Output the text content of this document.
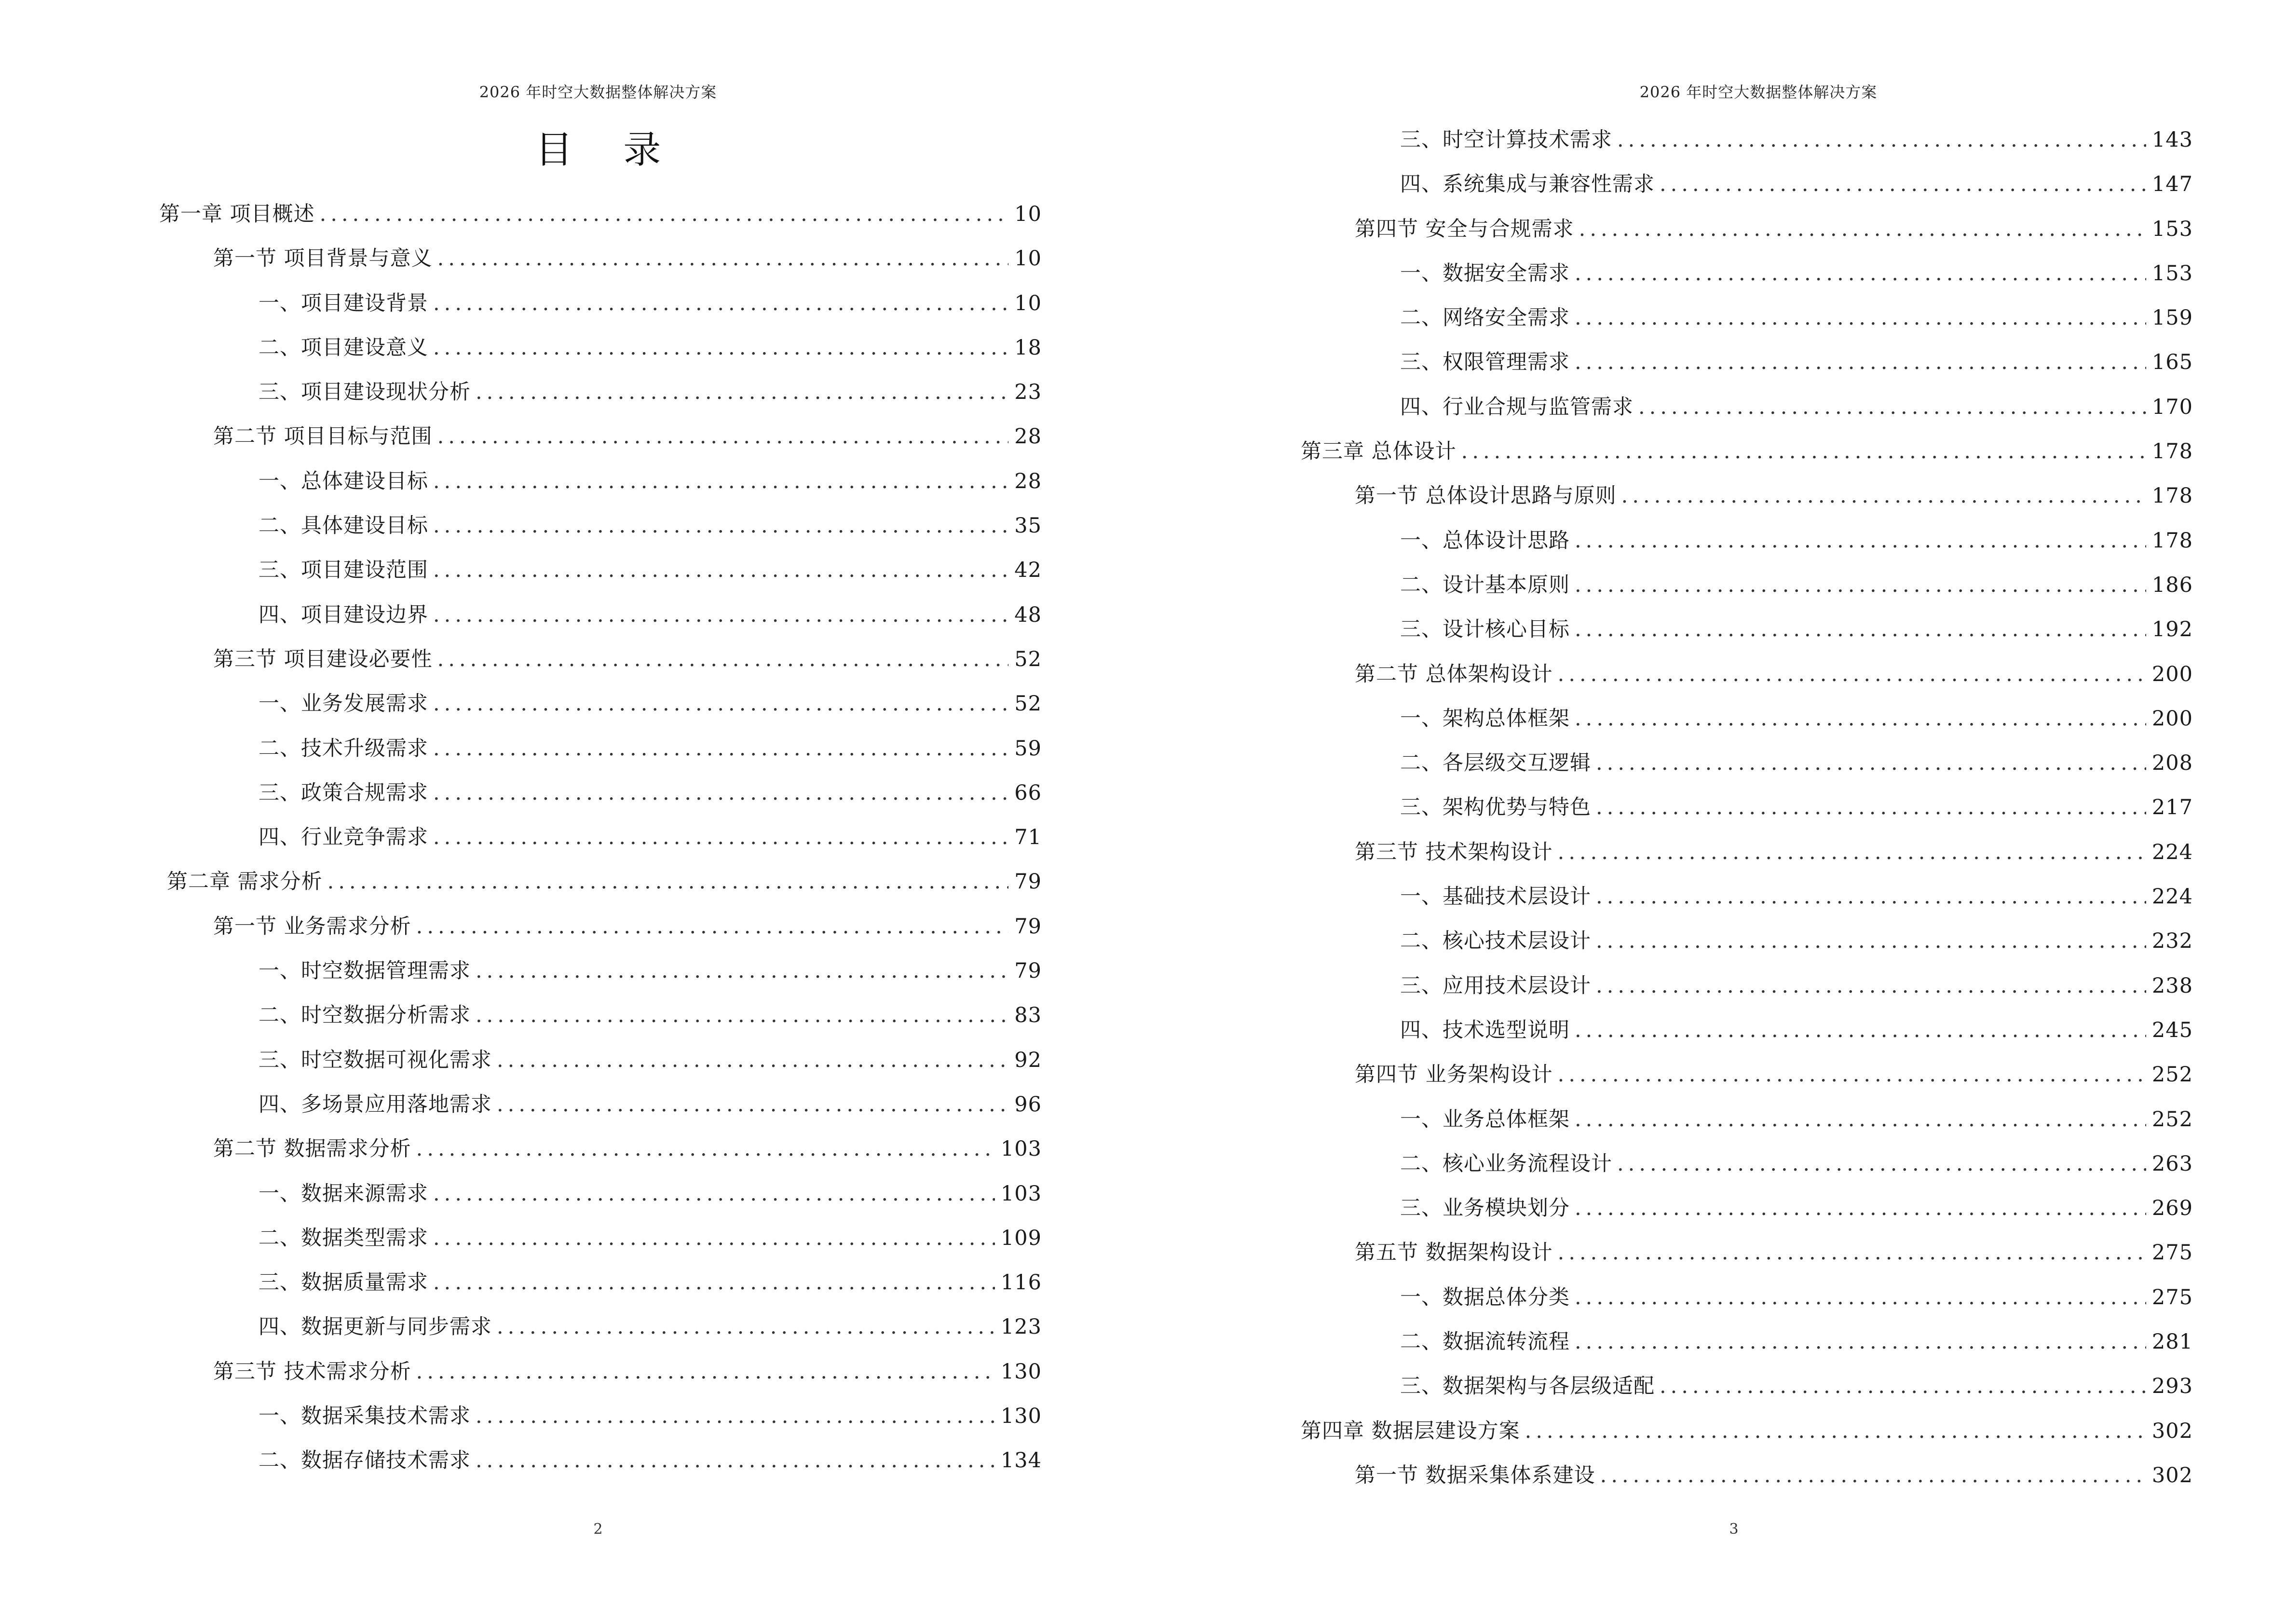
2026 年时空大数据整体解决方案
目 录
第一章 项目概述 .....	10
第一节 项目背景与意义 .....	10
一、项目建设背景 .....	10
二、项目建设意义 .....	18
三、项目建设现状分析 .....	23
第二节 项目目标与范围 .....	28
一、总体建设目标 .....	28
二、具体建设目标 .....	35
三、项目建设范围 .....	42
四、项目建设边界 .....	48
第三节 项目建设必要性 .....	52
一、业务发展需求 .....	52
二、技术升级需求 .....	59
三、政策合规需求 .....	66
四、行业竞争需求 .....	71
第二章 需求分析 .....	79
第一节 业务需求分析 .....	79
一、时空数据管理需求 .....	79
二、时空数据分析需求 .....	83
三、时空数据可视化需求 .....	92
四、多场景应用落地需求 .....	96
第二节 数据需求分析 .....	103
一、数据来源需求 .....	103
二、数据类型需求 .....	109
三、数据质量需求 .....	116
四、数据更新与同步需求 .....	123
第三节 技术需求分析 .....	130
一、数据采集技术需求 .....	130
二、数据存储技术需求 .....	134
2
2026 年时空大数据整体解决方案
三、时空计算技术需求 .....	143
四、系统集成与兼容性需求 .....	147
第四节 安全与合规需求 .....	153
一、数据安全需求 .....	153
二、网络安全需求 .....	159
三、权限管理需求 .....	165
四、行业合规与监管需求 .....	170
第三章 总体设计 .....	178
第一节 总体设计思路与原则 .....	178
一、总体设计思路 .....	178
二、设计基本原则 .....	186
三、设计核心目标 .....	192
第二节 总体架构设计 .....	200
一、架构总体框架 .....	200
二、各层级交互逻辑 .....	208
三、架构优势与特色 .....	217
第三节 技术架构设计 .....	224
一、基础技术层设计 .....	224
二、核心技术层设计 .....	232
三、应用技术层设计 .....	238
四、技术选型说明 .....	245
第四节 业务架构设计 .....	252
一、业务总体框架 .....	252
二、核心业务流程设计 .....	263
三、业务模块划分 .....	269
第五节 数据架构设计 .....	275
一、数据总体分类 .....	275
二、数据流转流程 .....	281
三、数据架构与各层级适配 .....	293
第四章 数据层建设方案 .....	302
第一节 数据采集体系建设 .....	302
3
